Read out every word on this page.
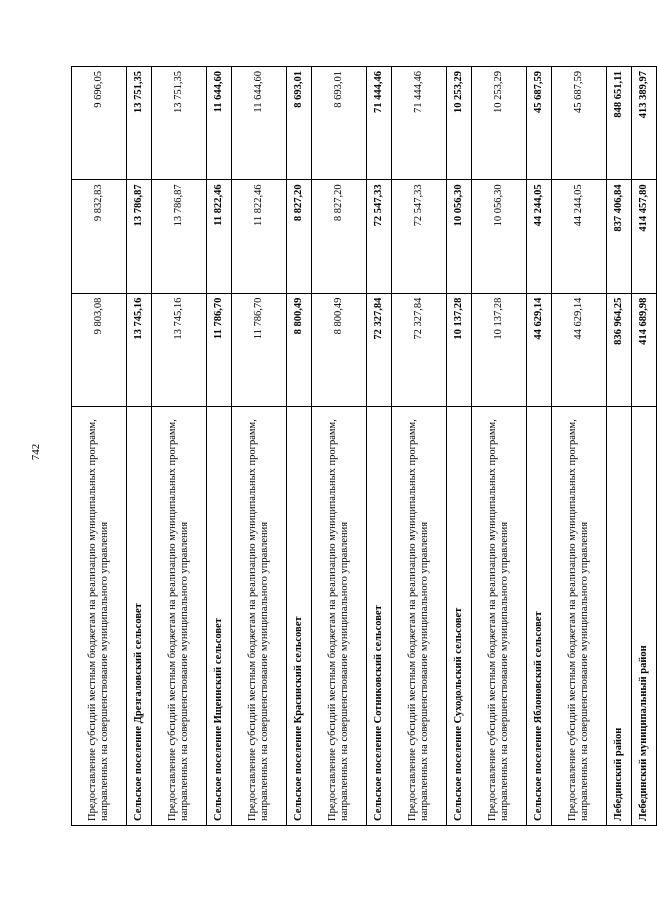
742	Предоставление субсидий местным бюджетам на реализацию муниципальных программ, направленных на совершенствование муниципального управления	9 803,08	9 832,83	9 696,05
Сельское поселение Дрезгаловский сельсовет	13 745,16	13 786,87	13 751,35
Предоставление субсидий местным бюджетам на реализацию муниципальных программ, направленных на совершенствование муниципального управления	13 745,16	13 786,87	13 751,35
Сельское поселение Ищеинский сельсовет	11 786,70	11 822,46	11 644,60
Предоставление субсидий местным бюджетам на реализацию муниципальных программ, направленных на совершенствование муниципального управления	11 786,70	11 822,46	11 644,60
Сельское поселение Красинский сельсовет	8 800,49	8 827,20	8 693,01
Предоставление субсидий местным бюджетам на реализацию муниципальных программ, направленных на совершенствование муниципального управления	8 800,49	8 827,20	8 693,01
Сельское поселение Сотниковский сельсовет	72 327,84	72 547,33	71 444,46
Предоставление субсидий местным бюджетам на реализацию муниципальных программ, направленных на совершенствование муниципального управления	72 327,84	72 547,33	71 444,46
Сельское поселение Суходольский сельсовет	10 137,28	10 056,30	10 253,29
Предоставление субсидий местным бюджетам на реализацию муниципальных программ, направленных на совершенствование муниципального управления	10 137,28	10 056,30	10 253,29
Сельское поселение Яблоновский сельсовет	44 629,14	44 244,05	45 687,59
Предоставление субсидий местным бюджетам на реализацию муниципальных программ, направленных на совершенствование муниципального управления	44 629,14	44 244,05	45 687,59
Лебединский район	836 964,25	837 406,84	848 651,11
Лебединский муниципальный район	414 689,98	414 457,80	413 389,97
